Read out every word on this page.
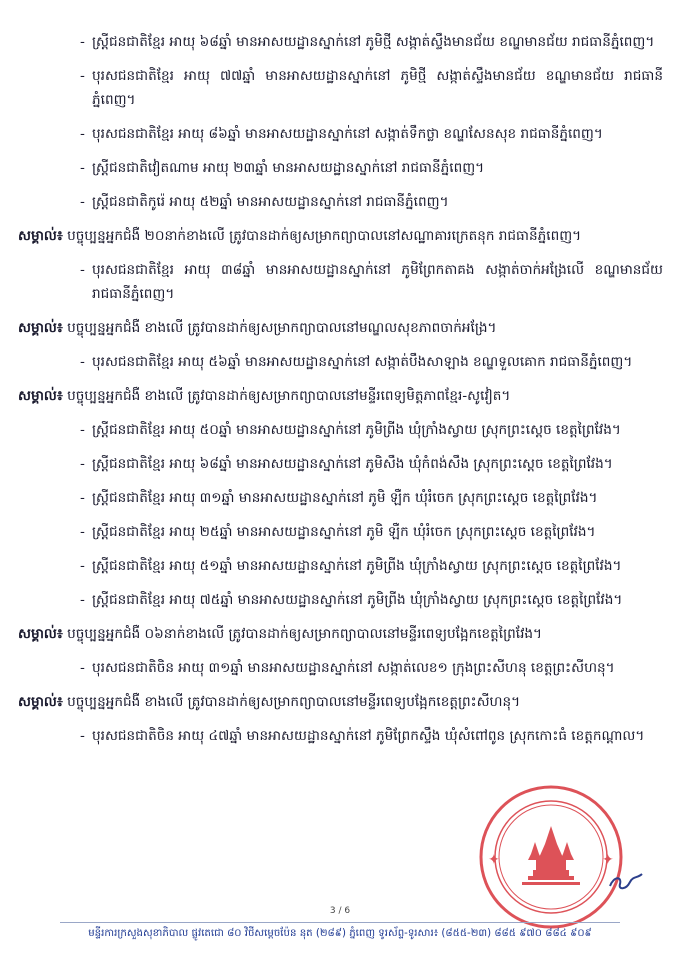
- ស្ត្រីជនជាតិខ្មែរ អាយុ ៦៨ឆ្នាំ មានអាសយដ្ឋានស្នាក់នៅ ភូមិថ្មី សង្កាត់ស្ទឹងមានជ័យ ខណ្ឌមានជ័យ រាជធានីភ្នំពេញ។
- បុរសជនជាតិខ្មែរ អាយុ ៧៧ឆ្នាំ មានអាសយដ្ឋានស្នាក់នៅ ភូមិថ្មី សង្កាត់ស្ទឹងមានជ័យ ខណ្ឌមានជ័យ រាជធានីភ្នំពេញ។
- បុរសជនជាតិខ្មែរ អាយុ ៨៦ឆ្នាំ មានអាសយដ្ឋានស្នាក់នៅ សង្កាត់ទឹកថ្លា ខណ្ឌសែនសុខ រាជធានីភ្នំពេញ។
- ស្ត្រីជនជាតិវៀតណាម អាយុ ២៣ឆ្នាំ មានអាសយដ្ឋានស្នាក់នៅ រាជធានីភ្នំពេញ។
- ស្ត្រីជនជាតិកូរ៉េ អាយុ ៥២ឆ្នាំ មានអាសយដ្ឋានស្នាក់នៅ រាជធានីភ្នំពេញ។
សម្គាល់៖ បច្ចុប្បន្នអ្នកជំងឺ ២០នាក់ខាងលើ ត្រូវបានដាក់ឲ្យសម្រាកព្យាបាលនៅសណ្ឋាគារក្រេតនុក រាជធានីភ្នំពេញ។
- បុរសជនជាតិខ្មែរ អាយុ ៣៨ឆ្នាំ មានអាសយដ្ឋានស្នាក់នៅ ភូមិព្រែកតាគង សង្កាត់ចាក់អង្រែលើ ខណ្ឌមានជ័យ រាជធានីភ្នំពេញ។
សម្គាល់៖ បច្ចុប្បន្នអ្នកជំងឺ ខាងលើ ត្រូវបានដាក់ឲ្យសម្រាកព្យាបាលនៅមណ្ឌលសុខភាពចាក់អង្រែ។
- បុរសជនជាតិខ្មែរ អាយុ ៥៦ឆ្នាំ មានអាសយដ្ឋានស្នាក់នៅ សង្កាត់បឹងសាឡាង ខណ្ឌទួលគោក រាជធានីភ្នំពេញ។
សម្គាល់៖ បច្ចុប្បន្នអ្នកជំងឺ ខាងលើ ត្រូវបានដាក់ឲ្យសម្រាកព្យាបាលនៅមន្ទីរពេទ្យមិត្តភាពខ្មែរ-សូវៀត។
- ស្ត្រីជនជាតិខ្មែរ អាយុ ៥០ឆ្នាំ មានអាសយដ្ឋានស្នាក់នៅ ភូមិព្រីង ឃុំក្រាំងស្វាយ ស្រុកព្រះស្ដេច ខេត្តព្រៃវែង។
- ស្ត្រីជនជាតិខ្មែរ អាយុ ៦៨ឆ្នាំ មានអាសយដ្ឋានស្នាក់នៅ ភូមិសឹង ឃុំកំពង់សឹង ស្រុកព្រះស្ដេច ខេត្តព្រៃវែង។
- ស្ត្រីជនជាតិខ្មែរ អាយុ ៣១ឆ្នាំ មានអាសយដ្ឋានស្នាក់នៅ ភូមិ ឡឺក ឃុំរំចេក ស្រុកព្រះស្ដេច ខេត្តព្រៃវែង។
- ស្ត្រីជនជាតិខ្មែរ អាយុ ២៥ឆ្នាំ មានអាសយដ្ឋានស្នាក់នៅ ភូមិ ឡឺក ឃុំរំចេក ស្រុកព្រះស្ដេច ខេត្តព្រៃវែង។
- ស្ត្រីជនជាតិខ្មែរ អាយុ ៥១ឆ្នាំ មានអាសយដ្ឋានស្នាក់នៅ ភូមិព្រីង ឃុំក្រាំងស្វាយ ស្រុកព្រះស្ដេច ខេត្តព្រៃវែង។
- ស្ត្រីជនជាតិខ្មែរ អាយុ ៧៥ឆ្នាំ មានអាសយដ្ឋានស្នាក់នៅ ភូមិព្រីង ឃុំក្រាំងស្វាយ ស្រុកព្រះស្ដេច ខេត្តព្រៃវែង។
សម្គាល់៖ បច្ចុប្បន្នអ្នកជំងឺ ០៦នាក់ខាងលើ ត្រូវបានដាក់ឲ្យសម្រាកព្យាបាលនៅមន្ទីរពេទ្យបង្អែកខេត្តព្រៃវែង។
- បុរសជនជាតិចិន អាយុ ៣១ឆ្នាំ មានអាសយដ្ឋានស្នាក់នៅ សង្កាត់លេខ១ ក្រុងព្រះសីហនុ ខេត្តព្រះសីហនុ។
សម្គាល់៖ បច្ចុប្បន្នអ្នកជំងឺ ខាងលើ ត្រូវបានដាក់ឲ្យសម្រាកព្យាបាលនៅមន្ទីរពេទ្យបង្អែកខេត្តព្រះសីហនុ។
- បុរសជនជាតិចិន អាយុ ៤៧ឆ្នាំ មានអាសយដ្ឋានស្នាក់នៅ ភូមិព្រែកស្ទឹង ឃុំសំពៅពូន ស្រុកកោះធំ ខេត្តកណ្ដាល។
✦	✦
3 / 6
មន្ទីរការក្រសួងសុខាភិបាល ផ្លូវតេជោ ៨០ វិថីសម្ដេចប៉ែន នុត (២៨៩) ភ្នំពេញ ទូរស័ព្ទ-ទូរសារ៖ (៨៥៥-២៣) ៨៨៥ ៩៧០ ៨៨៤ ៩០៩
